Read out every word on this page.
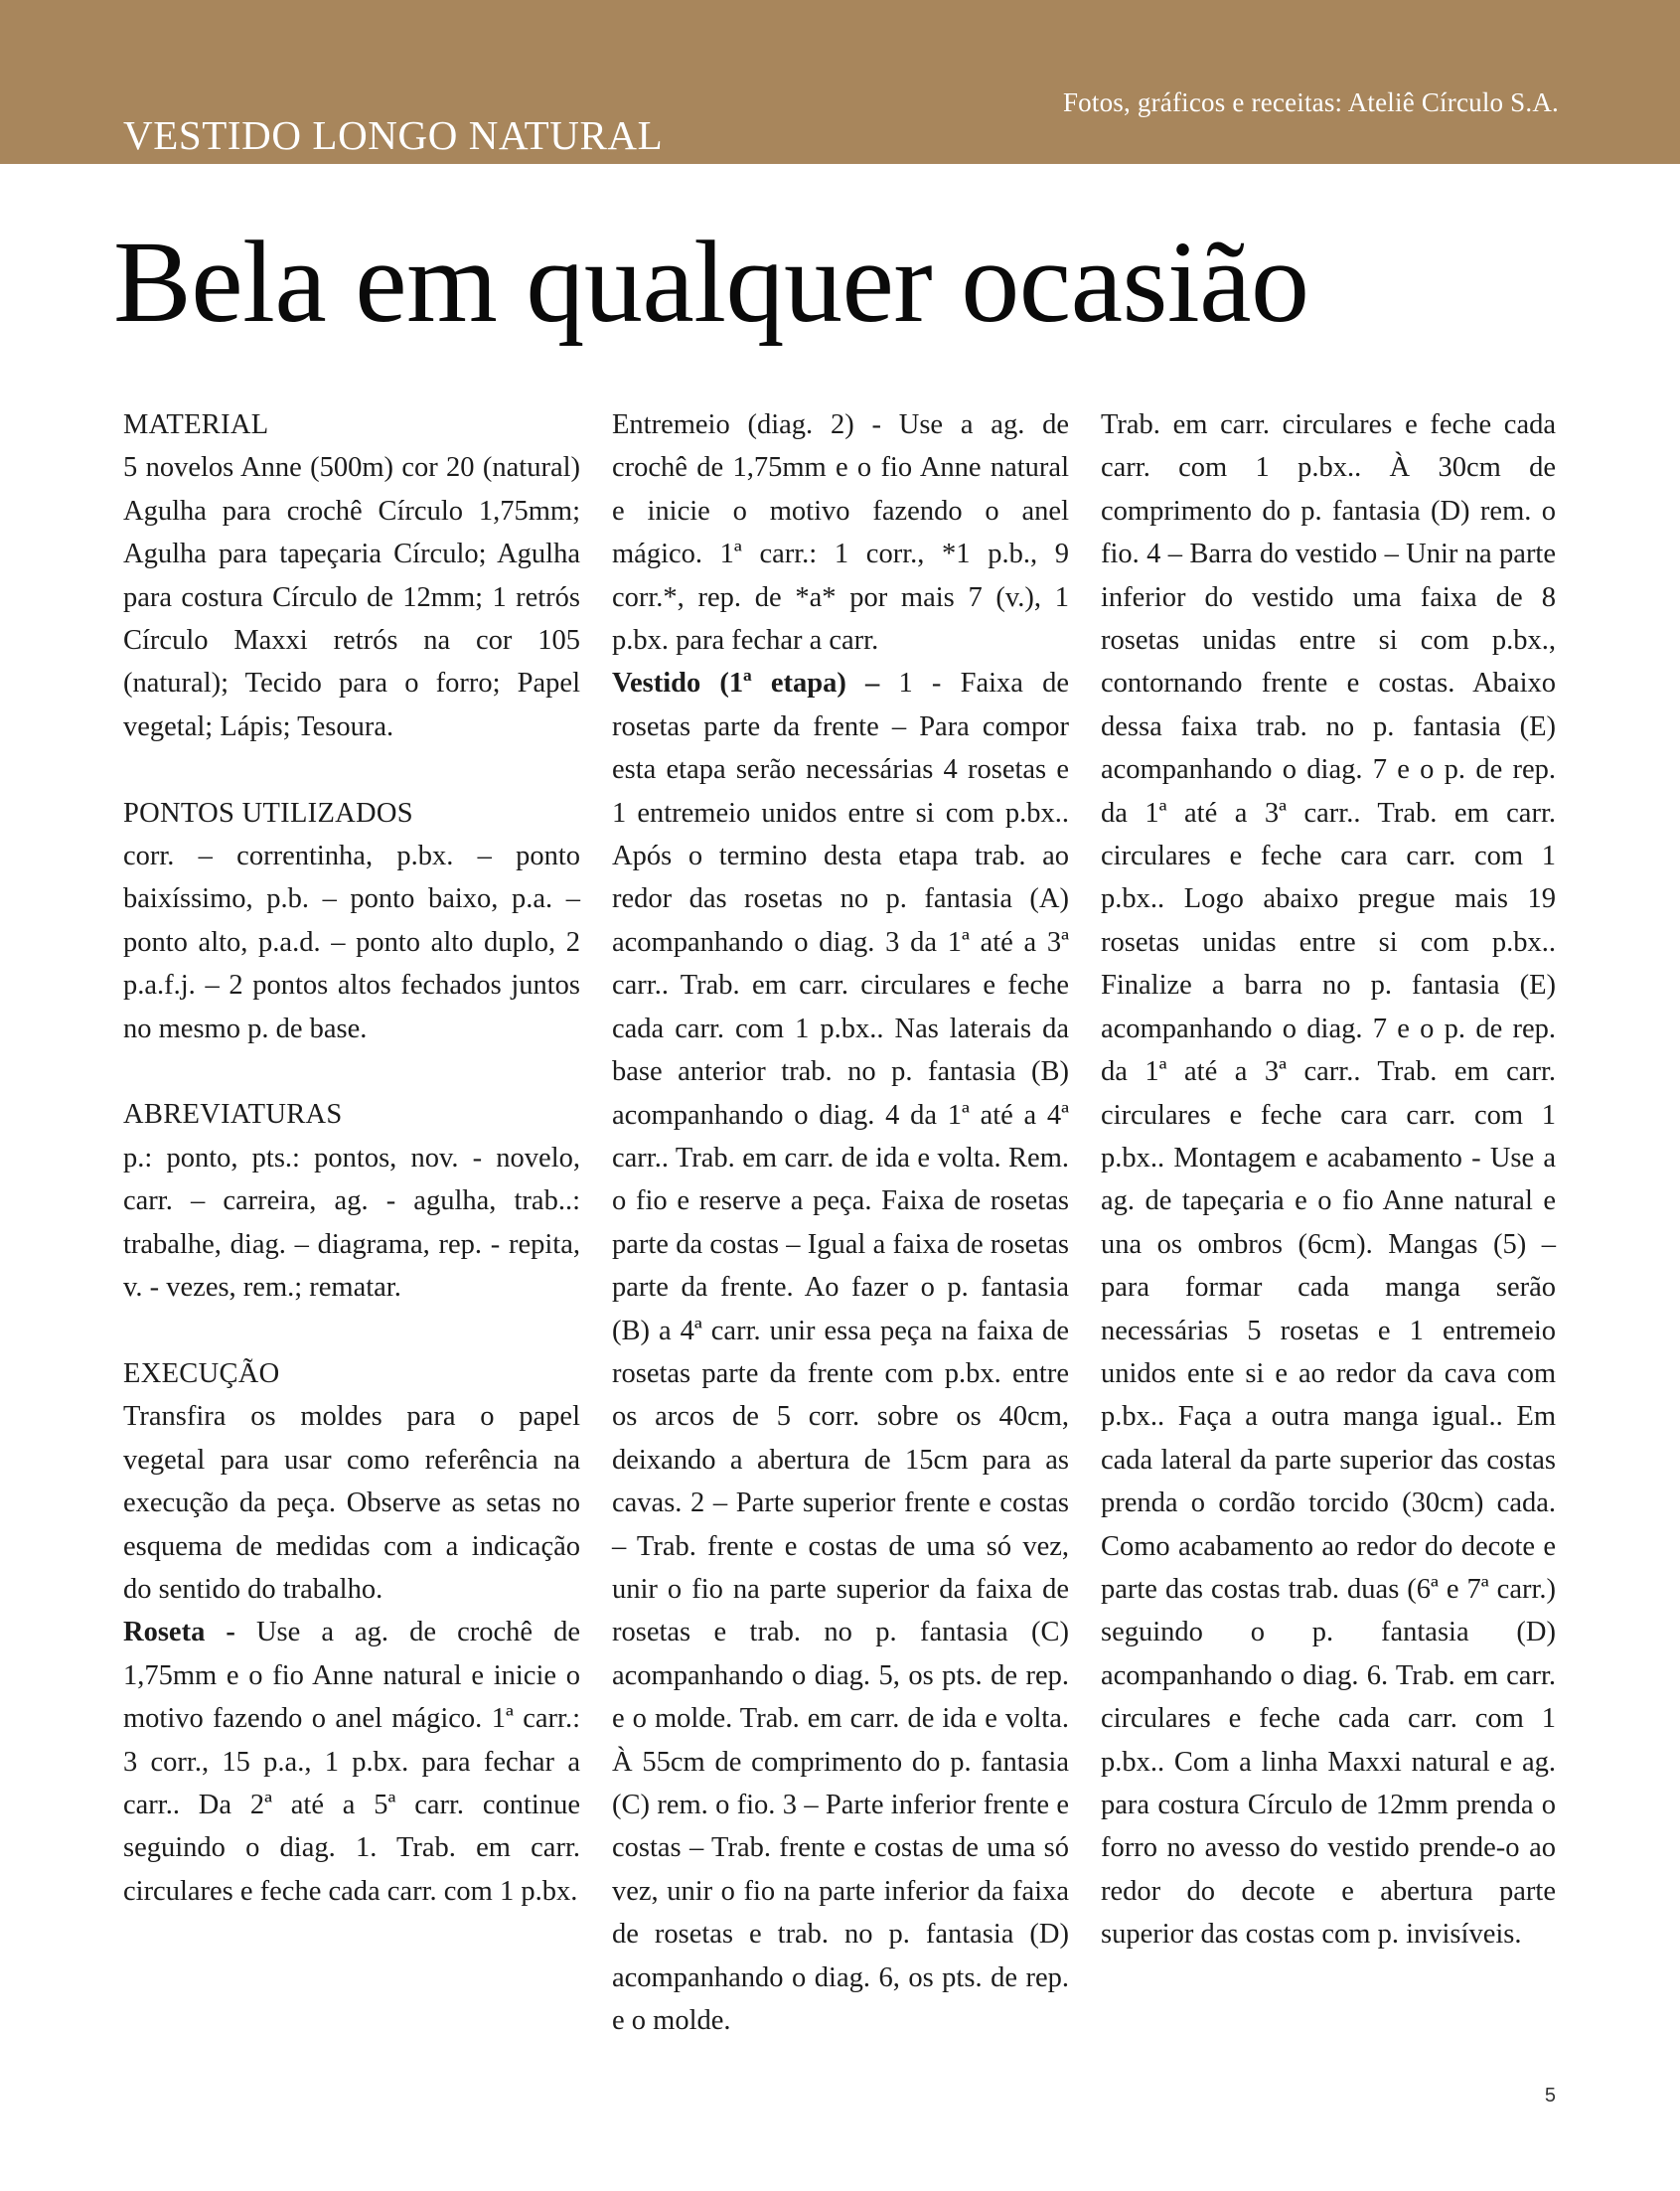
Fotos, gráficos e receitas: Ateliê Círculo S.A.
VESTIDO LONGO NATURAL
Bela em qualquer ocasião
MATERIAL

5 novelos Anne (500m) cor 20 (natural) Agulha para crochê Círculo 1,75mm; Agulha para tapeçaria Círculo; Agulha para costura Círculo de 12mm; 1 retrós Círculo Maxxi retrós na cor 105 (natural); Tecido para o forro; Papel vegetal; Lápis; Tesoura.

PONTOS UTILIZADOS

corr. – correntinha, p.bx. – ponto baixíssimo, p.b. – ponto baixo, p.a. – ponto alto, p.a.d. – ponto alto duplo, 2 p.a.f.j. – 2 pontos altos fechados juntos no mesmo p. de base.

ABREVIATURAS

p.: ponto, pts.: pontos, nov. - novelo, carr. – carreira, ag. - agulha, trab..: trabalhe, diag. – diagrama, rep. - repita, v. - vezes, rem.; rematar.

EXECUÇÃO

Transfira os moldes para o papel vegetal para usar como referência na execução da peça. Observe as setas no esquema de medidas com a indicação do sentido do trabalho.

Roseta - Use a ag. de crochê de 1,75mm e o fio Anne natural e inicie o motivo fazendo o anel mágico. 1ª carr.: 3 corr., 15 p.a., 1 p.bx. para fechar a carr.. Da 2ª até a 5ª carr. continue seguindo o diag. 1. Trab. em carr. circulares e feche cada carr. com 1 p.bx.

Entremeio (diag. 2) - Use a ag. de crochê de 1,75mm e o fio Anne natural e inicie o motivo fazendo o anel mágico. 1ª carr.: 1 corr., *1 p.b., 9 corr.*, rep. de *a* por mais 7 (v.), 1 p.bx. para fechar a carr.

Vestido (1ª etapa) – 1 - Faixa de rosetas parte da frente – Para compor esta etapa serão necessárias 4 rosetas e 1 entremeio unidos entre si com p.bx.. Após o termino desta etapa trab. ao redor das rosetas no p. fantasia (A) acompanhando o diag. 3 da 1ª até a 3ª carr.. Trab. em carr. circulares e feche cada carr. com 1 p.bx.. Nas laterais da base anterior trab. no p. fantasia (B) acompanhando o diag. 4 da 1ª até a 4ª carr.. Trab. em carr. de ida e volta. Rem. o fio e reserve a peça. Faixa de rosetas parte da costas – Igual a faixa de rosetas parte da frente. Ao fazer o p. fantasia (B) a 4ª carr. unir essa peça na faixa de rosetas parte da frente com p.bx. entre os arcos de 5 corr. sobre os 40cm, deixando a abertura de 15cm para as cavas. 2 – Parte superior frente e costas – Trab. frente e costas de uma só vez, unir o fio na parte superior da faixa de rosetas e trab. no p. fantasia (C) acompanhando o diag. 5, os pts. de rep. e o molde. Trab. em carr. de ida e volta. À 55cm de comprimento do p. fantasia (C) rem. o fio. 3 – Parte inferior frente e costas – Trab. frente e costas de uma só vez, unir o fio na parte inferior da faixa de rosetas e trab. no p. fantasia (D) acompanhando o diag. 6, os pts. de rep. e o molde.

Trab. em carr. circulares e feche cada carr. com 1 p.bx.. À 30cm de comprimento do p. fantasia (D) rem. o fio. 4 – Barra do vestido – Unir na parte inferior do vestido uma faixa de 8 rosetas unidas entre si com p.bx., contornando frente e costas. Abaixo dessa faixa trab. no p. fantasia (E) acompanhando o diag. 7 e o p. de rep. da 1ª até a 3ª carr.. Trab. em carr. circulares e feche cara carr. com 1 p.bx.. Logo abaixo pregue mais 19 rosetas unidas entre si com p.bx.. Finalize a barra no p. fantasia (E) acompanhando o diag. 7 e o p. de rep. da 1ª até a 3ª carr.. Trab. em carr. circulares e feche cara carr. com 1 p.bx.. Montagem e acabamento - Use a ag. de tapeçaria e o fio Anne natural e una os ombros (6cm). Mangas (5) – para formar cada manga serão necessárias 5 rosetas e 1 entremeio unidos ente si e ao redor da cava com p.bx.. Faça a outra manga igual.. Em cada lateral da parte superior das costas prenda o cordão torcido (30cm) cada. Como acabamento ao redor do decote e parte das costas trab. duas (6ª e 7ª carr.) seguindo o p. fantasia (D) acompanhando o diag. 6. Trab. em carr. circulares e feche cada carr. com 1 p.bx.. Com a linha Maxxi natural e ag. para costura Círculo de 12mm prenda o forro no avesso do vestido prende-o ao redor do decote e abertura parte superior das costas com p. invisíveis.

5
